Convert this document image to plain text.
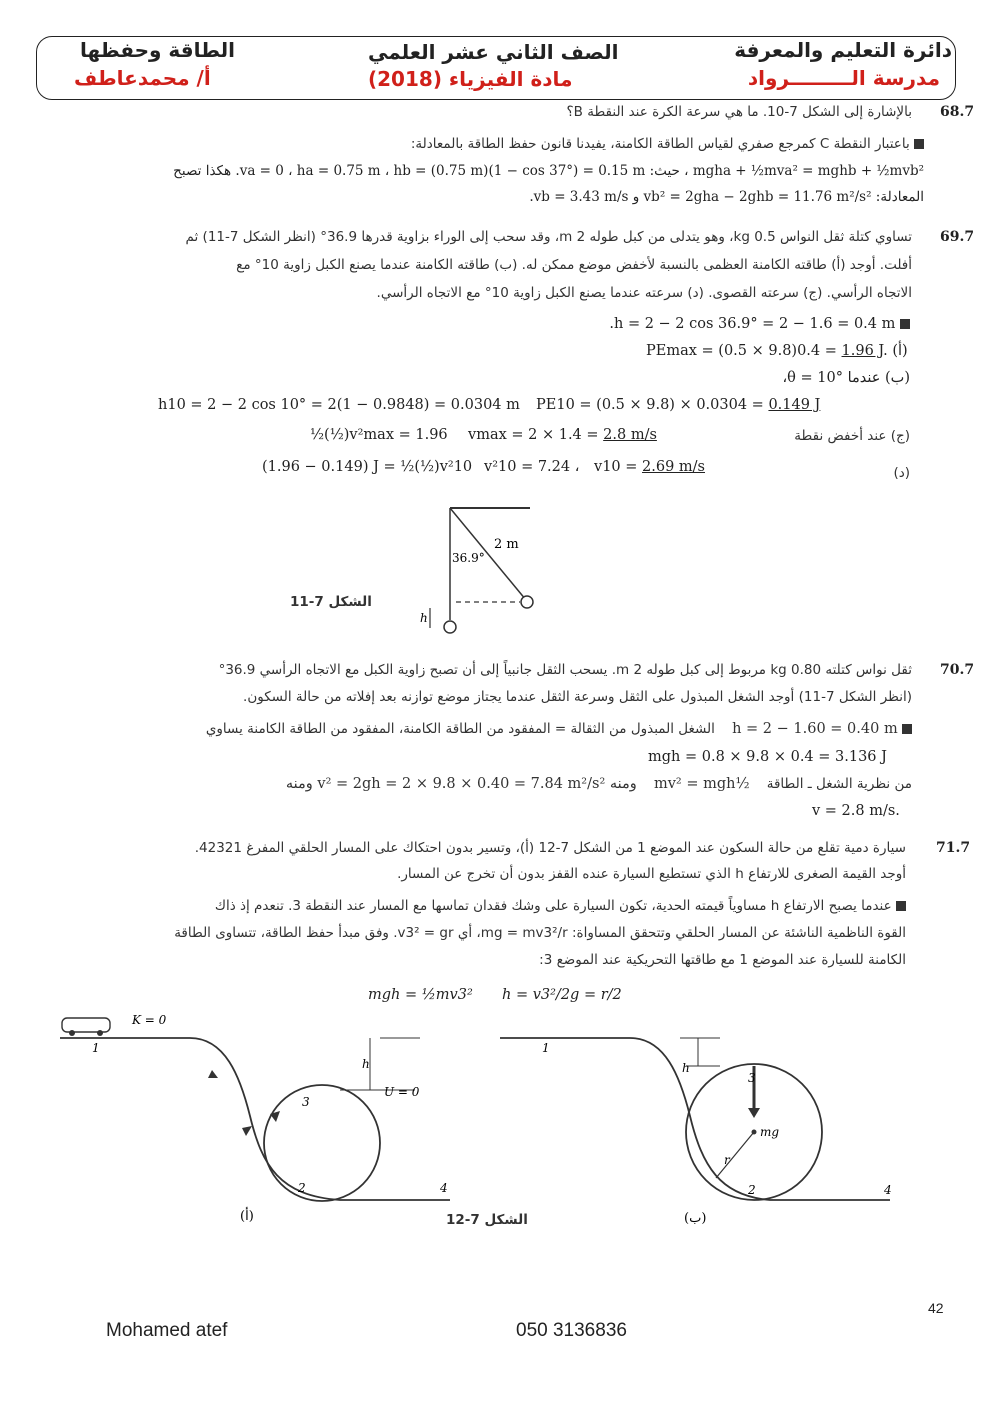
دائرة التعليم والمعرفة
مدرسة الـــــــــرواد
الصف الثاني عشر العلمي
مادة الفيزياء (2018)
الطاقة وحفظها
أ/ محمدعاطف
68.7
بالإشارة إلى الشكل 7-10. ما هي سرعة الكرة عند النقطة B؟
باعتبار النقطة C كمرجع صفري لقياس الطاقة الكامنة، يفيدنا قانون حفظ الطاقة بالمعادلة:
mgha + ½mva² = mghb + ½mvb² ، حيث: va = 0 ، ha = 0.75 m ، hb = (0.75 m)(1 − cos 37°) = 0.15 m. هكذا تصبح
المعادلة: vb² = 2gha − 2ghb = 11.76 m²/s² و vb = 3.43 m/s.
69.7
تساوي كتلة ثقل النواس 0.5 kg، وهو يتدلى من كبل طوله 2 m، وقد سحب إلى الوراء بزاوية قدرها 36.9° (انظر الشكل 7-11) ثم
أفلت. أوجد (أ) طاقته الكامنة العظمى بالنسبة لأخفض موضع ممكن له. (ب) طاقته الكامنة عندما يصنع الكبل زاوية 10° مع
الاتجاه الرأسي. (ج) سرعته القصوى. (د) سرعته عندما يصنع الكبل زاوية 10° مع الاتجاه الرأسي.
h = 2 − 2 cos 36.9° = 2 − 1.6 = 0.4 m.
PEmax = (0.5 × 9.8)0.4 = 1.96 J. (أ)
(ب) عندما θ = 10°،
h10 = 2 − 2 cos 10° = 2(1 − 0.9848) = 0.0304 m PE10 = (0.5 × 9.8) × 0.0304 = 0.149 J
½(½)v²max = 1.96 vmax = 2 × 1.4 = 2.8 m/s	(ج) عند أخفض نقطة
(1.96 − 0.149) J = ½(½)v²10 v²10 = 7.24 ، v10 = 2.69 m/s	(د)
h
2 m
36.9°
الشكل 7-11
70.7
ثقل نواس كتلته 0.80 kg مربوط إلى كبل طوله 2 m. يسحب الثقل جانبياً إلى أن تصبح زاوية الكبل مع الاتجاه الرأسي 36.9°
(انظر الشكل 7-11) أوجد الشغل المبذول على الثقل وسرعة الثقل عندما يجتاز موضع توازنه بعد إفلاته من حالة السكون.
h = 2 − 1.60 = 0.40 m    الشغل المبذول من الثقالة = المفقود من الطاقة الكامنة، المفقود من الطاقة الكامنة يساوي
mgh = 0.8 × 9.8 × 0.4 = 3.136 J
من نظرية الشغل ـ الطاقة    ½mv² = mgh    ومنه v² = 2gh = 2 × 9.8 × 0.40 = 7.84 m²/s² ومنه
v = 2.8 m/s.
71.7
سيارة دمية تقلع من حالة السكون عند الموضع 1 من الشكل 7-12 (أ)، وتسير بدون احتكاك على المسار الحلقي المفرغ 42321.
أوجد القيمة الصغرى للارتفاع h الذي تستطيع السيارة عنده القفز بدون أن تخرج عن المسار.
عندما يصبح الارتفاع h مساوياً قيمته الحدية، تكون السيارة على وشك فقدان تماسها مع المسار عند النقطة 3. تنعدم إذ ذاك
القوة الناظمية الناشئة عن المسار الحلقي وتتحقق المساواة: mg = mv3²/r، أي v3² = gr. وفق مبدأ حفظ الطاقة، تتساوى الطاقة
الكامنة للسيارة عند الموضع 1 مع طاقتها التحريكية عند الموضع 3:
mgh = ½mv3² h = v3²/2g = r/2
K = 0
1
h
U = 0
3
2	4
(أ)
1
h
3
mg
r
2	4
(ب)
الشكل 7-12
42
Mohamed atef	050 3136836
